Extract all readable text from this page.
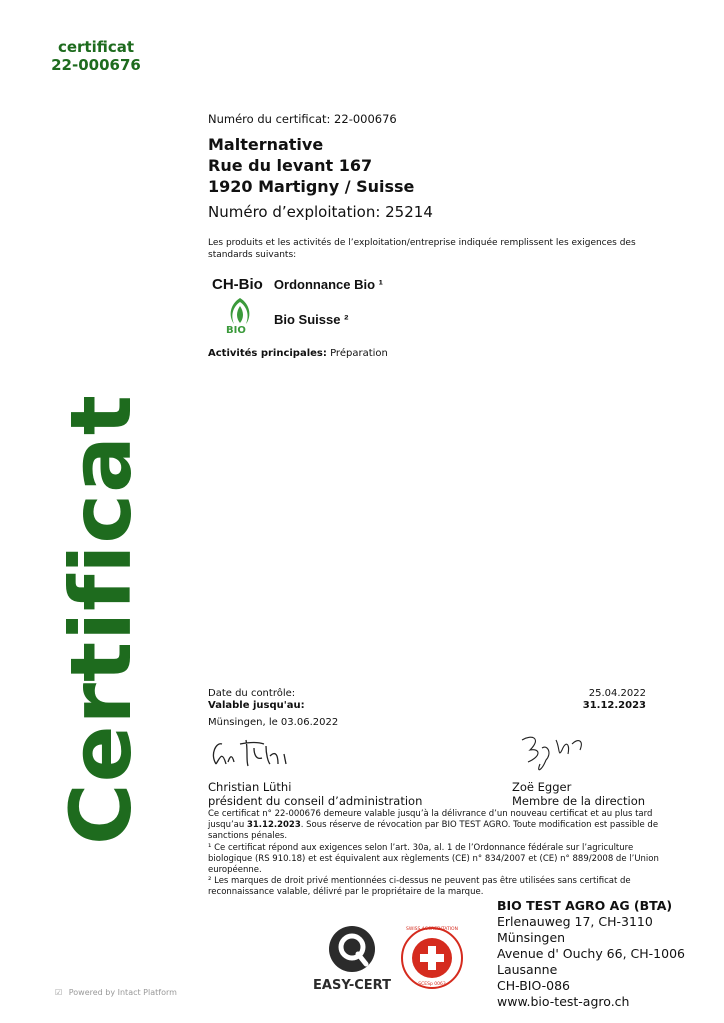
certificat
22-000676
Certificat
Numéro du certificat: 22-000676
Malternative
Rue du levant 167
1920 Martigny / Suisse
Numéro d’exploitation: 25214
Les produits et les activités de l’exploitation/entreprise indiquée remplissent les exigences des standards suivants:
CH-Bio Ordonnance Bio ¹
BIO
Bio Suisse ²
Activités principales: Préparation
Date du contrôle:	25.04.2022
Valable jusqu'au:	31.12.2023
Münsingen, le 03.06.2022
Christian Lüthi
président du conseil d’administration
Zoë Egger
Membre de la direction
Ce certificat n° 22-000676 demeure valable jusqu’à la délivrance d’un nouveau certificat et au plus tard jusqu’au 31.12.2023. Sous réserve de révocation par BIO TEST AGRO. Toute modification est passible de sanctions pénales.
¹ Ce certificat répond aux exigences selon l’art. 30a, al. 1 de l’Ordonnance fédérale sur l’agriculture biologique (RS 910.18) et est équivalent aux règlements (CE) n° 834/2007 et (CE) n° 889/2008 de l’Union européenne.
² Les marques de droit privé mentionnées ci-dessus ne peuvent pas être utilisées sans certificat de reconnaissance valable, délivré par le propriétaire de la marque.
EASY-CERT
SWISS ACCREDITATION
SCESp 0063
BIO TEST AGRO AG (BTA)
Erlenauweg 17, CH-3110
Münsingen
Avenue d' Ouchy 66, CH-1006
Lausanne
CH-BIO-086
www.bio-test-agro.ch
☑ Powered by Intact Platform
